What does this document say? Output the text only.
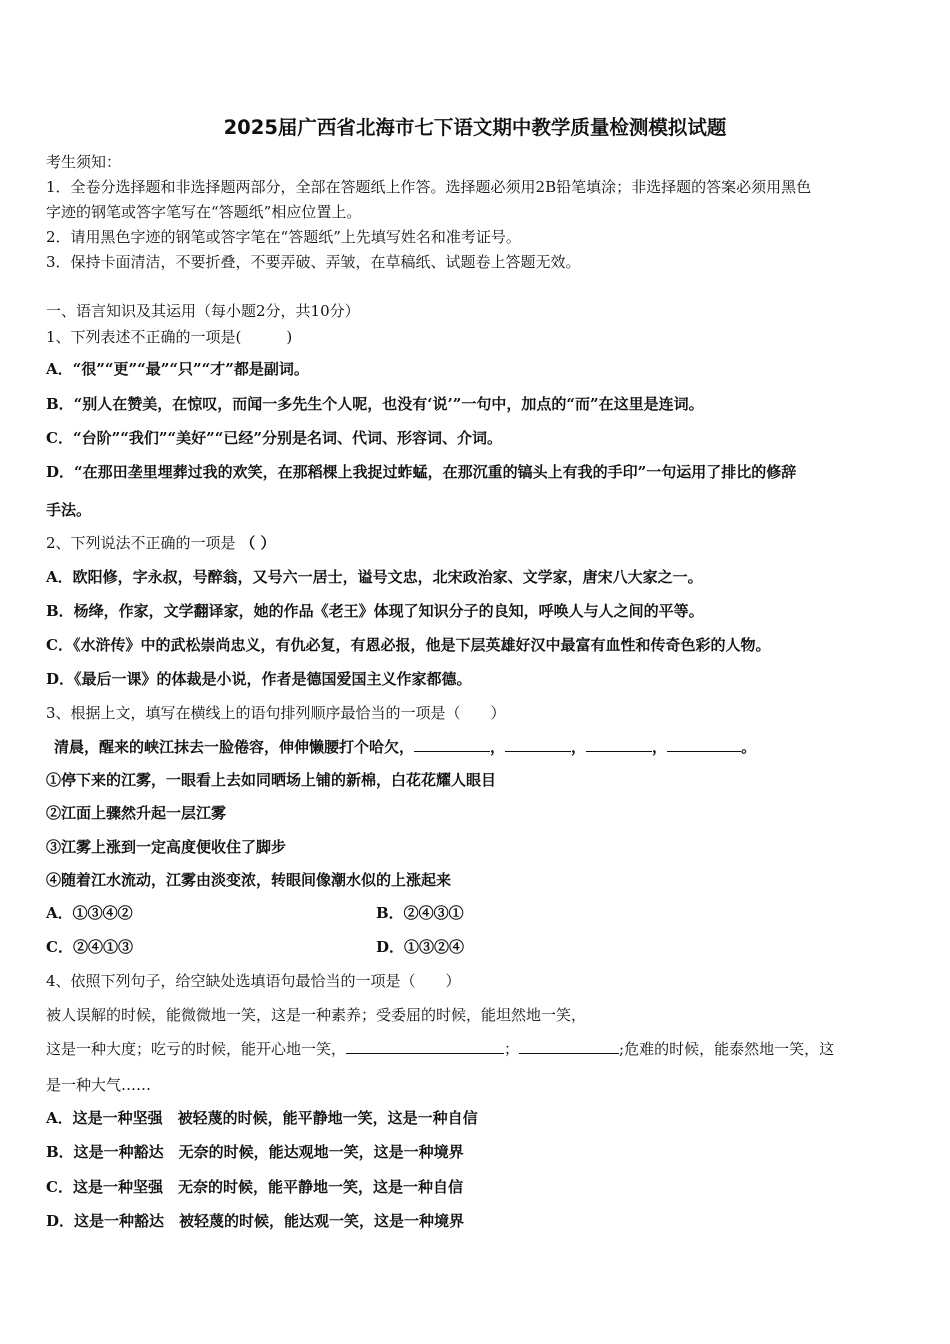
2025届广西省北海市七下语文期中教学质量检测模拟试题
考生须知：
1．全卷分选择题和非选择题两部分，全部在答题纸上作答。选择题必须用2B铅笔填涂；非选择题的答案必须用黑色
字迹的钢笔或答字笔写在“答题纸”相应位置上。
2．请用黑色字迹的钢笔或答字笔在“答题纸”上先填写姓名和准考证号。
3．保持卡面清洁，不要折叠，不要弄破、弄皱，在草稿纸、试题卷上答题无效。
一、语言知识及其运用（每小题2分，共10分）
1、下列表述不正确的一项是(　　　)
A．“很”“更”“最”“只”“才”都是副词。
B．“别人在赞美，在惊叹，而闻一多先生个人呢，也没有‘说’”一句中，加点的“而”在这里是连词。
C．“台阶”“我们”“美好”“已经”分别是名词、代词、形容词、介词。
D．“在那田垄里埋葬过我的欢笑，在那稻棵上我捉过蚱蜢，在那沉重的镐头上有我的手印”一句运用了排比的修辞
手法。
2、下列说法不正确的一项是 （ ）
A．欧阳修，字永叔，号醉翁，又号六一居士，谥号文忠，北宋政治家、文学家，唐宋八大家之一。
B．杨绛，作家，文学翻译家，她的作品《老王》体现了知识分子的良知，呼唤人与人之间的平等。
C．《水浒传》中的武松崇尚忠义，有仇必复，有恩必报，他是下层英雄好汉中最富有血性和传奇色彩的人物。
D．《最后一课》的体裁是小说，作者是德国爱国主义作家都德。
3、根据上文，填写在横线上的语句排列顺序最恰当的一项是（　　）
清晨，醒来的峡江抹去一脸倦容，伸伸懒腰打个哈欠，	，	，	，	。
①停下来的江雾，一眼看上去如同晒场上铺的新棉，白花花耀人眼目
②江面上骤然升起一层江雾
③江雾上涨到一定高度便收住了脚步
④随着江水流动，江雾由淡变浓，转眼间像潮水似的上涨起来
A．①③④②	B．②④③①
C．②④①③	D．①③②④
4、依照下列句子，给空缺处选填语句最恰当的一项是（　　）
被人误解的时候，能微微地一笑，这是一种素养；受委屈的时候，能坦然地一笑，
这是一种大度；吃亏的时候，能开心地一笑，	；	;危难的时候，能泰然地一笑，这
是一种大气……
A．这是一种坚强　被轻蔑的时候，能平静地一笑，这是一种自信
B．这是一种豁达　无奈的时候，能达观地一笑，这是一种境界
C．这是一种坚强　无奈的时候，能平静地一笑，这是一种自信
D．这是一种豁达　被轻蔑的时候，能达观一笑，这是一种境界
